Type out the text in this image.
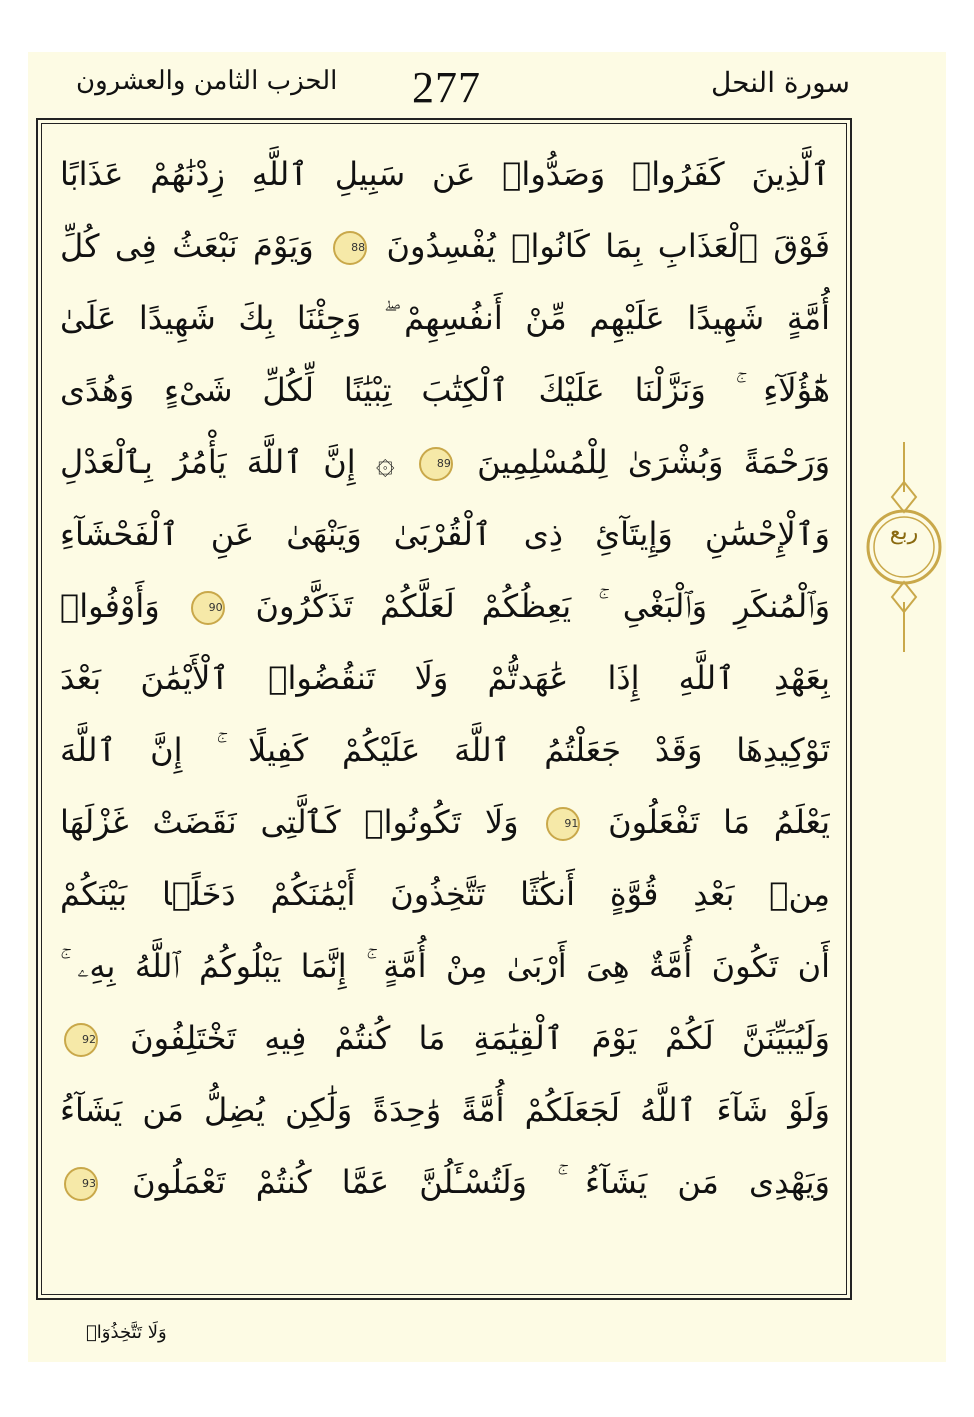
الحزب الثامن والعشرون 277	سورة النحل
ٱلَّذِينَ كَفَرُوا۟ وَصَدُّوا۟ عَن سَبِيلِ ٱللَّهِ زِدْنَٰهُمْ عَذَابًا
فَوْقَ ٱلْعَذَابِ بِمَا كَانُوا۟ يُفْسِدُونَ 88 وَيَوْمَ نَبْعَثُ فِى كُلِّ
أُمَّةٍ شَهِيدًا عَلَيْهِم مِّنْ أَنفُسِهِمْ ۖ وَجِئْنَا بِكَ شَهِيدًا عَلَىٰ
هَٰٓؤُلَآءِ ۚ وَنَزَّلْنَا عَلَيْكَ ٱلْكِتَٰبَ تِبْيَٰنًا لِّكُلِّ شَىْءٍ وَهُدًى
وَرَحْمَةً وَبُشْرَىٰ لِلْمُسْلِمِينَ 89 ۞ إِنَّ ٱللَّهَ يَأْمُرُ بِٱلْعَدْلِ
وَٱلْإِحْسَٰنِ وَإِيتَآئِ ذِى ٱلْقُرْبَىٰ وَيَنْهَىٰ عَنِ ٱلْفَحْشَآءِ
وَٱلْمُنكَرِ وَٱلْبَغْىِ ۚ يَعِظُكُمْ لَعَلَّكُمْ تَذَكَّرُونَ 90 وَأَوْفُوا۟
بِعَهْدِ ٱللَّهِ إِذَا عَٰهَدتُّمْ وَلَا تَنقُضُوا۟ ٱلْأَيْمَٰنَ بَعْدَ
تَوْكِيدِهَا وَقَدْ جَعَلْتُمُ ٱللَّهَ عَلَيْكُمْ كَفِيلًا ۚ إِنَّ ٱللَّهَ
يَعْلَمُ مَا تَفْعَلُونَ 91 وَلَا تَكُونُوا۟ كَٱلَّتِى نَقَضَتْ غَزْلَهَا
مِنۢ بَعْدِ قُوَّةٍ أَنكَٰثًا تَتَّخِذُونَ أَيْمَٰنَكُمْ دَخَلًۢا بَيْنَكُمْ
أَن تَكُونَ أُمَّةٌ هِىَ أَرْبَىٰ مِنْ أُمَّةٍ ۚ إِنَّمَا يَبْلُوكُمُ ٱللَّهُ بِهِۦ ۚ
وَلَيُبَيِّنَنَّ لَكُمْ يَوْمَ ٱلْقِيَٰمَةِ مَا كُنتُمْ فِيهِ تَخْتَلِفُونَ 92
وَلَوْ شَآءَ ٱللَّهُ لَجَعَلَكُمْ أُمَّةً وَٰحِدَةً وَلَٰكِن يُضِلُّ مَن يَشَآءُ
وَيَهْدِى مَن يَشَآءُ ۚ وَلَتُسْـَٔلُنَّ عَمَّا كُنتُمْ تَعْمَلُونَ 93
ربع
وَلَا تَتَّخِذُوٓا۟
